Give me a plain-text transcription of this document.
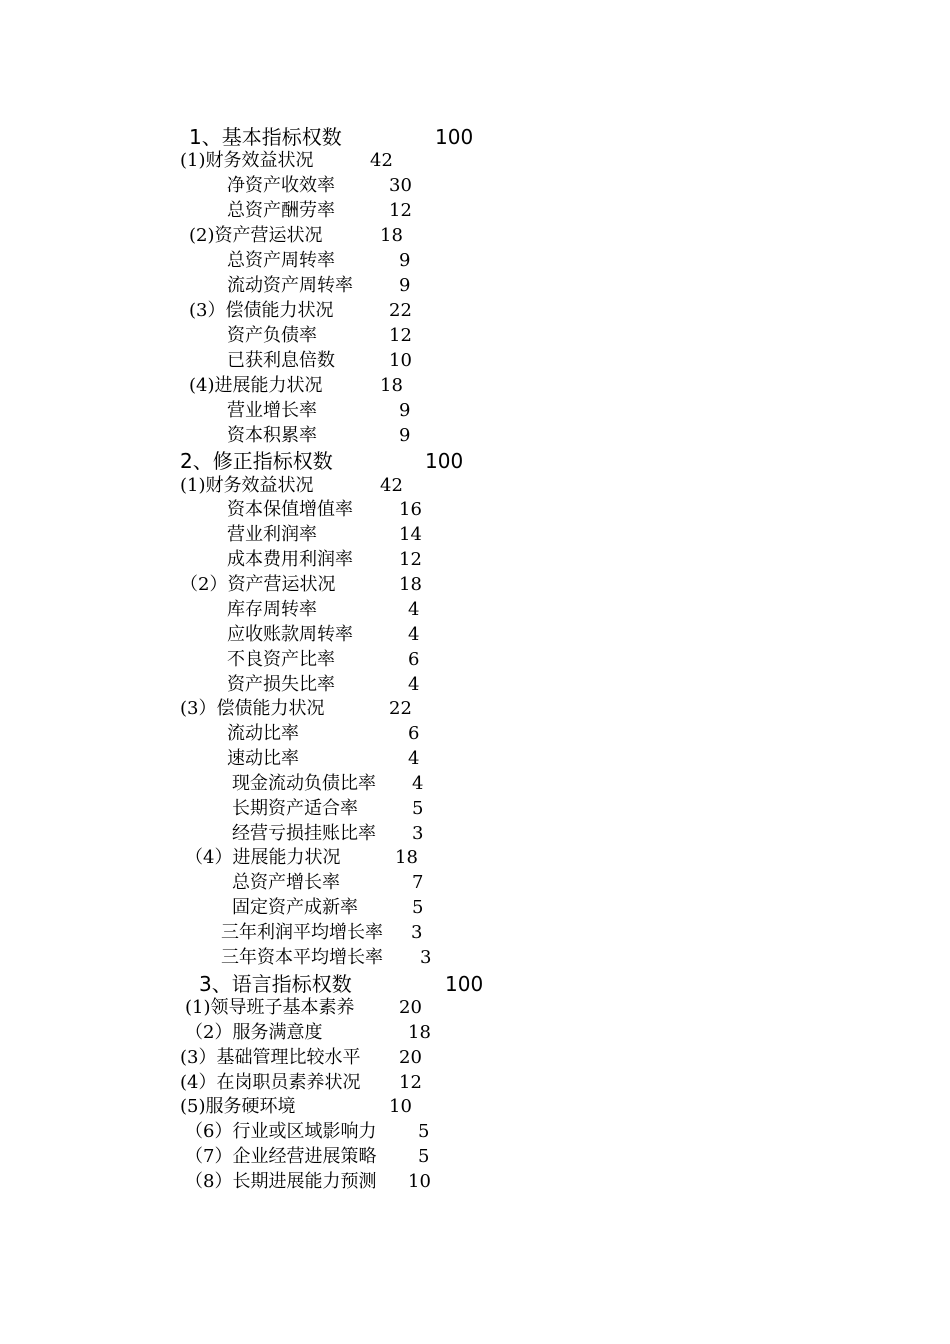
1、基本指标权数	100
(1)财务效益状况	42
净资产收效率	30
总资产酬劳率	12
(2)资产营运状况	18
总资产周转率	9
流动资产周转率	9
(3）偿债能力状况	22
资产负债率	12
已获利息倍数	10
(4)进展能力状况	18
营业增长率	9
资本积累率	9
2、修正指标权数	100
(1)财务效益状况	42
资本保值增值率	16
营业利润率	14
成本费用利润率	12
（2）资产营运状况	18
库存周转率	4
应收账款周转率	4
不良资产比率	6
资产损失比率	4
(3）偿债能力状况	22
流动比率	6
速动比率	4
现金流动负债比率 4
长期资产适合率	5
经营亏损挂账比率 3
（4）进展能力状况	18
总资产增长率	7
固定资产成新率	5
三年利润平均增长率 3
三年资本平均增长率 3
3、语言指标权数	100
(1)领导班子基本素养 20
（2）服务满意度	18
(3）基础管理比较水平 20
(4）在岗职员素养状况 12
(5)服务硬环境	10
（6）行业或区域影响力 5
（7）企业经营进展策略 5
（8）长期进展能力预测 10
